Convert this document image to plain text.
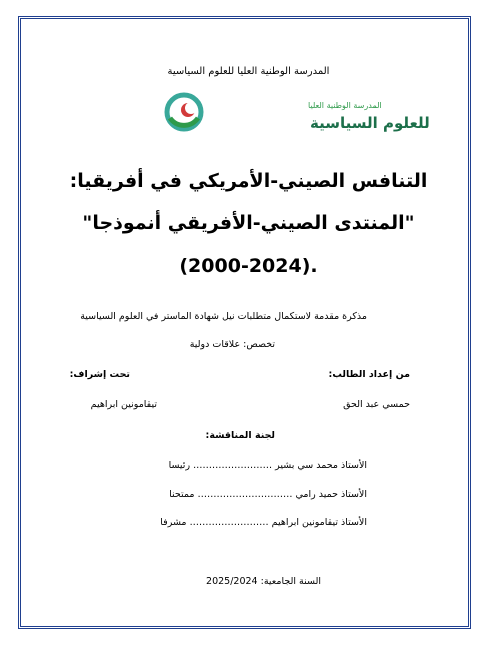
المدرسة الوطنية العليا للعلوم السياسية
المدرسة الوطنية العليا
للعلوم السياسية
التنافس الصيني-الأمريكي في أفريقيا:
"المنتدى الصيني-الأفريقي أنموذجا"
(2000-2024).
مذكرة مقدمة لاستكمال متطلبات نيل شهادة الماستر في العلوم السياسية
تخصص: علاقات دولية
من إعداد الطالب:
تحت إشراف:
حمسي عبد الحق
تيقامونين ابراهيم
لجنة المناقشة:
الأستاذ محمد سي بشير ……………………. رئيسا
الأستاذ حميد رامي ………………………… ممتحنا
الأستاذ تيقامونين ابراهيم ……………………. مشرفا
السنة الجامعية: 2025/2024
